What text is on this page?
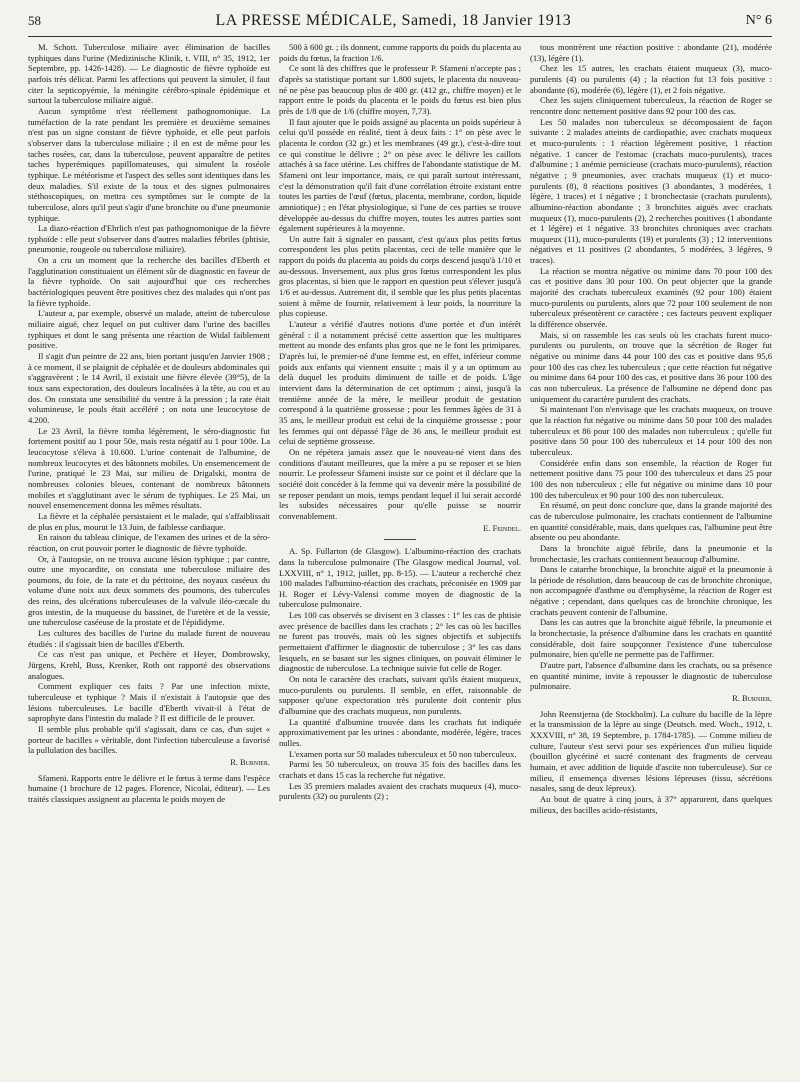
58	LA PRESSE MÉDICALE, Samedi, 18 Janvier 1913	N° 6

M. Schott. Tuberculose miliaire avec élimination de bacilles typhiques dans l'urine (Medizinische Klinik, t. VIII, n° 35, 1912, 1er Septembre, pp. 1426-1428). — Le diagnostic de fièvre typhoïde est parfois très délicat. Parmi les affections qui peuvent la simuler, il faut citer la septicopyémie, la méningite cérébro-spinale épidémique et surtout la tuberculose miliaire aiguë.

Aucun symptôme n'est réellement pathognomonique. La tuméfaction de la rate pendant les première et deuxième semaines n'est pas un signe constant de fièvre typhoïde, et elle peut parfois s'observer dans la tuberculose miliaire ; il en est de même pour les taches rosées, car, dans la tuberculose, peuvent apparaître de petites taches hyperémiques papillomateuses, qui simulent la roséole typhique. Le météorisme et l'aspect des selles sont identiques dans les deux maladies. S'il existe de la toux et des signes pulmonaires stéthoscopiques, on mettra ces symptômes sur le compte de la tuberculose, alors qu'il peut s'agir d'une bronchite ou d'une pneumonie typhique.

La diazo-réaction d'Ehrlich n'est pas pathognomonique de la fièvre typhoïde : elle peut s'observer dans d'autres maladies fébriles (phtisie, pneumonie, rougeole ou tuberculose miliaire).

On a cru un moment que la recherche des bacilles d'Eberth et l'agglutination constituaient un élément sûr de diagnostic en faveur de la fièvre typhoïde. On sait aujourd'hui que ces recherches bactériologiques peuvent être positives chez des malades qui n'ont pas la fièvre typhoïde.

L'auteur a, par exemple, observé un malade, atteint de tuberculose miliaire aiguë, chez lequel on put cultiver dans l'urine des bacilles typhiques et dont le sang présenta une réaction de Widal faiblement positive.

Il s'agit d'un peintre de 22 ans, bien portant jusqu'en Janvier 1908 ; à ce moment, il se plaignit de céphalée et de douleurs abdominales qui s'aggravèrent ; le 14 Avril, il existait une fièvre élevée (39°5), de la toux sans expectoration, des douleurs localisées à la tête, au cou et au dos. On constata une sensibilité du ventre à la pression ; la rate était volumineuse, le pouls était accéléré ; on nota une leucocytose de 4.200.

Le 23 Avril, la fièvre tomba légèrement, le séro-diagnostic fut fortement positif au 1 pour 50e, mais resta négatif au 1 pour 100e. La leucocytose s'éleva à 10.600. L'urine contenait de l'albumine, de nombreux leucocytes et des bâtonnets mobiles. Un ensemencement de l'urine, pratiqué le 23 Mai, sur milieu de Drigalski, montra de nombreuses colonies bleues, contenant de nombreux bâtonnets mobiles et s'agglutinant avec le sérum de typhiques. Le 25 Mai, un nouvel ensemencement donna les mêmes résultats.

La fièvre et la céphalée persistaient et le malade, qui s'affaiblissait de plus en plus, mourut le 13 Juin, de faiblesse cardiaque.

En raison du tableau clinique, de l'examen des urines et de la séro-réaction, on crut pouvoir porter le diagnostic de fièvre typhoïde.

Or, à l'autopsie, on ne trouva aucune lésion typhique ; par contre, outre une myocardite, on constata une tuberculose miliaire des poumons, du foie, de la rate et du péritoine, des noyaux caséeux du volume d'une noix aux deux sommets des poumons, des tubercules des reins, des ulcérations tuberculeuses de la valvule iléo-cæcale du gros intestin, de la muqueuse du bassinet, de l'uretère et de la vessie, une tuberculose caséeuse de la prostate et de l'épididyme.

Les cultures des bacilles de l'urine du malade furent de nouveau étudiés : il s'agissait bien de bacilles d'Eberth.

Ce cas n'est pas unique, et Pechère et Heyer, Dombrowsky, Jürgens, Krehl, Buss, Krenker, Roth ont rapporté des observations analogues.

Comment expliquer ces faits ? Par une infection mixte, tuberculeuse et typhique ? Mais il n'existait à l'autopsie que des lésions tuberculeuses. Le bacille d'Eberth vivait-il à l'état de saprophyte dans l'intestin du malade ? Il est difficile de le prouver.

Il semble plus probable qu'il s'agissait, dans ce cas, d'un sujet « porteur de bacilles » véritable, dont l'infection tuberculeuse a favorisé la pullulation des bacilles.

R. Burnier.

Sfameni. Rapports entre le délivre et le fœtus à terme dans l'espèce humaine (1 brochure de 12 pages. Florence, Nicolai, éditeur). — Les traités classiques assignent au placenta le poids moyen de

500 à 600 gr. ; ils donnent, comme rapports du poids du placenta au poids du fœtus, la fraction 1/6.

Ce sont là des chiffres que le professeur P. Sfameni n'accepte pas ; d'après sa statistique portant sur 1.800 sujets, le placenta du nouveau-né ne pèse pas beaucoup plus de 400 gr. (412 gr., chiffre moyen) et le rapport entre le poids du placenta et le poids du fœtus est bien plus près de 1/8 que de 1/6 (chiffre moyen, 7,73).

Il faut ajouter que le poids assigné au placenta un poids supérieur à celui qu'il possède en réalité, tient à deux faits : 1° on pèse avec le placenta le cordon (32 gr.) et les membranes (49 gr.), c'est-à-dire tout ce qui constitue le délivre ; 2° on pèse avec le délivre les caillots attachés à sa face utérine. Les chiffres de l'abondante statistique de M. Sfameni ont leur importance, mais, ce qui paraît surtout intéressant, c'est la démonstration qu'il fait d'une corrélation étroite existant entre toutes les parties de l'œuf (fœtus, placenta, membrane, cordon, liquide amniotique) ; en l'état physiologique, si l'une de ces parties se trouve développée au-dessus du chiffre moyen, toutes les autres parties sont également supérieures à la moyenne.

Un autre fait à signaler en passant, c'est qu'aux plus petits fœtus correspondent les plus petits placentas, ceci de telle manière que le rapport du poids du placenta au poids du corps descend jusqu'à 1/10 et au-dessous. Inversement, aux plus gros fœtus correspondent les plus gros placentas, si bien que le rapport en question peut s'élever jusqu'à 1/6 et au-dessus. Autrement dit, il semble que les plus petits placentas soient à même de fournir, relativement à leur poids, la nourriture la plus copieuse.

L'auteur a vérifié d'autres notions d'une portée et d'un intérêt général : il a notamment précisé cette assertion que les multipares mettent au monde des enfants plus gros que ne le font les primipares. D'après lui, le premier-né d'une femme est, en effet, inférieur comme poids aux enfants qui viennent ensuite ; mais il y a un optimum au delà duquel les produits diminuent de taille et de poids. L'âge intervient dans la détermination de cet optimum ; ainsi, jusqu'à la trentième année de la mère, le meilleur produit de gestation correspond à la quatrième grossesse ; pour les femmes âgées de 31 à 35 ans, le meilleur produit est celui de la cinquième grossesse ; pour les femmes qui ont dépassé l'âge de 36 ans, le meilleur produit est celui de septième grossesse.

On ne répétera jamais assez que le nouveau-né vient dans des conditions d'autant meilleures, que la mère a pu se reposer et se bien nourrir. Le professeur Sfameni insiste sur ce point et il déclare que la société doit concéder à la femme qui va devenir mère la possibilité de se reposer pendant un mois, temps pendant lequel il lui serait accordé les subsides nécessaires pour qu'elle puisse se nourrir convenablement.

E. Feindel.

A. Sp. Fullarton (de Glasgow). L'albumino-réaction des crachats dans la tuberculose pulmonaire (The Glasgow medical Journal, vol. LXXVIII, n° 1, 1912, juillet, pp. 8-15). — L'auteur a recherché chez 100 malades l'albumino-réaction des crachats, préconisée en 1909 par H. Roger et Lévy-Valensi comme moyen de diagnostic de la tuberculose pulmonaire.

Les 100 cas observés se divisent en 3 classes : 1° les cas de phtisie avec présence de bacilles dans les crachats ; 2° les cas où les bacilles ne furent pas trouvés, mais où les signes objectifs et subjectifs permettaient d'affirmer le diagnostic de tuberculose ; 3° les cas dans lesquels, en se basant sur les signes cliniques, on pouvait éliminer le diagnostic de tuberculose. La technique suivie fut celle de Roger.

On nota le caractère des crachats, suivant qu'ils étaient muqueux, muco-purulents ou purulents. Il semble, en effet, raisonnable de supposer qu'une expectoration très purulente doit contenir plus d'albumine que des crachats muqueux, non purulents.

La quantité d'albumine trouvée dans les crachats fut indiquée approximativement par les urines : abondante, modérée, légère, traces nulles.

L'examen porta sur 50 malades tuberculeux et 50 non tuberculeux.

Parmi les 50 tuberculeux, on trouva 35 fois des bacilles dans les crachats et dans 15 cas la recherche fut négative.

Les 35 premiers malades avaient des crachats muqueux (4), muco-purulents (32) ou purulents (2) ;

tous montrèrent une réaction positive : abondante (21), modérée (13), légère (1).

Chez les 15 autres, les crachats étaient muqueux (3), muco-purulents (4) ou purulents (4) ; la réaction fut 13 fois positive : abondante (6), modérée (6), légère (1), et 2 fois négative.

Chez les sujets cliniquement tuberculeux, la réaction de Roger se rencontre donc nettement positive dans 92 pour 100 des cas.

Les 50 malades non tuberculeux se décomposaient de façon suivante : 2 malades atteints de cardiopathie, avec crachats muqueux et muco-purulents : 1 réaction légèrement positive, 1 réaction négative. 1 cancer de l'estomac (crachats muco-purulents), traces d'albumine ; 1 anémie pernicieuse (crachats muco-purulents), réaction négative ; 9 pneumonies, avec crachats muqueux (1) et muco-purulents (8), 8 réactions positives (3 abondantes, 3 modérées, 1 légère, 1 traces) et 1 négative ; 1 bronchectasie (crachats purulents), albumino-réaction abondante ; 3 bronchites aiguës avec crachats muqueux (1), muco-purulents (2), 2 recherches positives (1 abondante et 1 légère) et 1 négative. 33 bronchites chroniques avec crachats muqueux (11), muco-purulents (19) et purulents (3) ; 12 interventions négatives et 11 positives (2 abondantes, 5 modérées, 3 légères, 9 traces).

La réaction se montra négative ou minime dans 70 pour 100 des cas et positive dans 30 pour 100. On peut objecter que la grande majorité des crachats tuberculeux examinés (92 pour 100) étaient muco-purulents ou purulents, alors que 72 pour 100 seulement de non tuberculeux présentèrent ce caractère ; ces facteurs peuvent expliquer la différence observée.

Mais, si on rassemble les cas seuls où les crachats furent muco-purulents ou purulents, on trouve que la sécrétion de Roger fut négative ou minime dans 44 pour 100 des cas et positive dans 95,6 pour 100 des cas chez les tuberculeux ; que cette réaction fut négative ou minime dans 64 pour 100 des cas, et positive dans 36 pour 100 des cas non tuberculeux. La présence de l'albumine ne dépend donc pas uniquement du caractère purulent des crachats.

Si maintenant l'on n'envisage que les crachats muqueux, on trouve que la réaction fut négative ou minime dans 50 pour 100 des malades tuberculeux et 86 pour 100 des malades non tuberculeux ; qu'elle fut positive dans 50 pour 100 des tuberculeux et 14 pour 100 des non tuberculeux.

Considérée enfin dans son ensemble, la réaction de Roger fut nettement positive dans 75 pour 100 des tuberculeux et dans 25 pour 100 des non tuberculeux ; elle fut négative ou minime dans 10 pour 100 des tuberculeux et 90 pour 100 des non tuberculeux.

En résumé, on peut donc conclure que, dans la grande majorité des cas de tuberculose pulmonaire, les crachats contiennent de l'albumine en quantité considérable, mais, dans quelques cas, l'albumine peut être absente ou peu abondante.

Dans la bronchite aiguë fébrile, dans la pneumonie et la bronchectasie, les crachats contiennent beaucoup d'albumine.

Dans le catarrhe bronchique, la bronchite aiguë et la pneumonie à la période de résolution, dans beaucoup de cas de bronchite chronique, non accompagnée d'asthme ou d'emphysème, la réaction de Roger est négative ; cependant, dans quelques cas de bronchite chronique, les crachats peuvent contenir de l'albumine.

Dans les cas autres que la bronchite aiguë fébrile, la pneumonie et la bronchectasie, la présence d'albumine dans les crachats en quantité considérable, doit faire soupçonner l'existence d'une tuberculose pulmonaire, bien qu'elle ne permette pas de l'affirmer.

D'autre part, l'absence d'albumine dans les crachats, ou sa présence en quantité minime, invite à repousser le diagnostic de tuberculose pulmonaire.

R. Burnier.

John Reenstjerna (de Stockholm). La culture du bacille de la lèpre et la transmission de la lèpre au singe (Deutsch. med. Woch., 1912, t. XXXVIII, n° 38, 19 Septembre, p. 1784-1785). — Comme milieu de culture, l'auteur s'est servi pour ses expériences d'un milieu liquide (bouillon glycériné et sucré contenant des fragments de cerveau humain, et avec addition de liquide d'ascite non tuberculeuse). Sur ce milieu, il ensemença diverses lésions lépreuses (tissu, sécrétions nasales, sang de deux lépreux).

Au bout de quatre à cinq jours, à 37° apparurent, dans quelques milieux, des bacilles acido-résistants,
